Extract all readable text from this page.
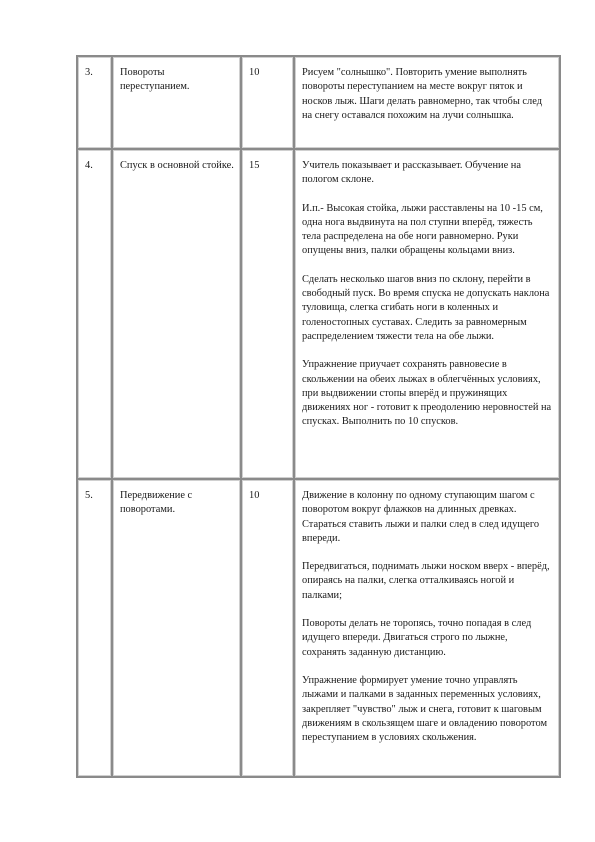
3.	Повороты переступанием.	10	Рисуем "солнышко". Повторить умение выполнять повороты переступанием на месте вокруг пяток и носков лыж. Шаги делать равномерно, так чтобы след на снегу оставался похожим на лучи солнышка.

4.	Спуск в основной стойке.	15	Учитель показывает и рассказывает. Обучение на пологом склоне.

И.п.- Высокая стойка, лыжи расставлены на 10 -15 см, одна нога выдвинута на пол ступни вперёд, тяжесть тела распределена на обе ноги равномерно. Руки опущены вниз, палки обращены кольцами вниз.

Сделать несколько шагов вниз по склону, перейти в свободный пуск. Во время спуска не допускать наклона туловища, слегка сгибать ноги в коленных и голеностопных суставах. Следить за равномерным распределением тяжести тела на обе лыжи.

Упражнение приучает сохранять равновесие в скольжении на обеих лыжах в облегчённых условиях, при выдвижении стопы вперёд и пружинящих движениях ног - готовит к преодолению неровностей на спусках. Выполнить по 10 спусков.

5.	Передвижение с поворотами.	10	Движение в колонну по одному ступающим шагом с поворотом вокруг флажков на длинных древках. Стараться ставить лыжи и палки след в след идущего впереди.

Передвигаться, поднимать лыжи носком вверх - вперёд, опираясь на палки, слегка отталкиваясь ногой и палками;

Повороты делать не торопясь, точно попадая в след идущего впереди. Двигаться строго по лыжне, сохранять заданную дистанцию.

Упражнение формирует умение точно управлять лыжами и палками в заданных переменных условиях, закрепляет "чувство" лыж и снега, готовит к шаговым движениям в скользящем шаге и овладению поворотом переступанием в условиях скольжения.
